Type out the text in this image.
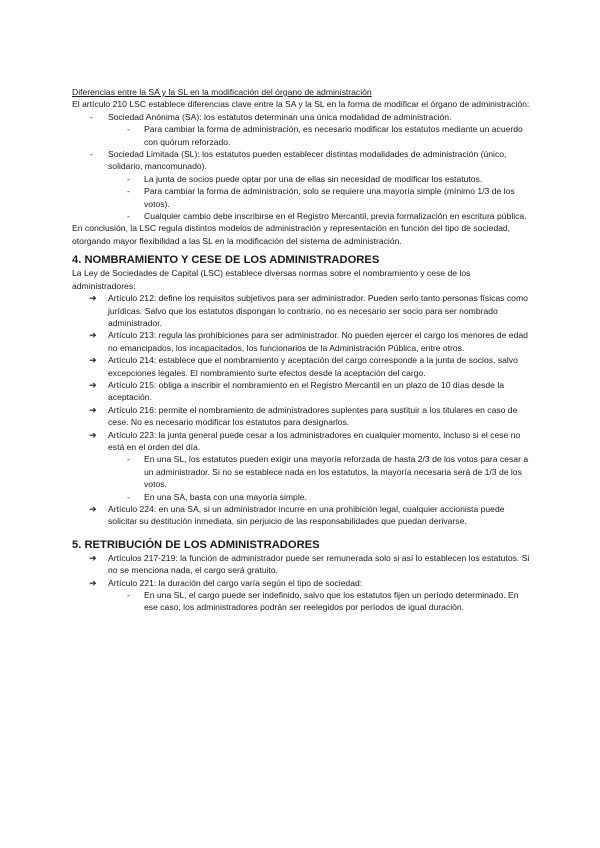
Diferencias entre la SA y la SL en la modificación del órgano de administración

El artículo 210 LSC establece diferencias clave entre la SA y la SL en la forma de modificar el órgano de administración:

-	Sociedad Anónima (SA): los estatutos determinan una única modalidad de administración.
-	Para cambiar la forma de administración, es necesario modificar los estatutos mediante un acuerdo con quórum reforzado.
-	Sociedad Limitada (SL): los estatutos pueden establecer distintas modalidades de administración (único, solidario, mancomunado).
-	La junta de socios puede optar por una de ellas sin necesidad de modificar los estatutos.
-	Para cambiar la forma de administración, solo se requiere una mayoría simple (mínimo 1/3 de los votos).
-	Cualquier cambio debe inscribirse en el Registro Mercantil, previa formalización en escritura pública.

En conclusión, la LSC regula distintos modelos de administración y representación en función del tipo de sociedad, otorgando mayor flexibilidad a las SL en la modificación del sistema de administración.

4. NOMBRAMIENTO Y CESE DE LOS ADMINISTRADORES

La Ley de Sociedades de Capital (LSC) establece diversas normas sobre el nombramiento y cese de los administradores:

➔	Artículo 212: define los requisitos subjetivos para ser administrador. Pueden serlo tanto personas físicas como jurídicas. Salvo que los estatutos dispongan lo contrario, no es necesario ser socio para ser nombrado administrador.
➔	Artículo 213: regula las prohibiciones para ser administrador. No pueden ejercer el cargo los menores de edad no emancipados, los incapacitados, los funcionarios de la Administración Pública, entre otros.
➔	Artículo 214: establece que el nombramiento y aceptación del cargo corresponde a la junta de socios, salvo excepciones legales. El nombramiento surte efectos desde la aceptación del cargo.
➔	Artículo 215: obliga a inscribir el nombramiento en el Registro Mercantil en un plazo de 10 días desde la aceptación.
➔	Artículo 216: permite el nombramiento de administradores suplentes para sustituir a los titulares en caso de cese. No es necesario modificar los estatutos para designarlos.
➔	Artículo 223: la junta general puede cesar a los administradores en cualquier momento, incluso si el cese no está en el orden del día.
-	En una SL, los estatutos pueden exigir una mayoría reforzada de hasta 2/3 de los votos para cesar a un administrador. Si no se establece nada en los estatutos, la mayoría necesaria será de 1/3 de los votos.
-	En una SA, basta con una mayoría simple.
➔	Artículo 224: en una SA, si un administrador incurre en una prohibición legal, cualquier accionista puede solicitar su destitución inmediata, sin perjuicio de las responsabilidades que puedan derivarse.

5. RETRIBUCIÓN DE LOS ADMINISTRADORES

➔	Artículos 217-219: la función de administrador puede ser remunerada solo si así lo establecen los estatutos. Si no se menciona nada, el cargo será gratuito.
➔	Artículo 221: la duración del cargo varía según el tipo de sociedad:
-	En una SL, el cargo puede ser indefinido, salvo que los estatutos fijen un período determinado. En ese caso, los administradores podrán ser reelegidos por períodos de igual duración.
